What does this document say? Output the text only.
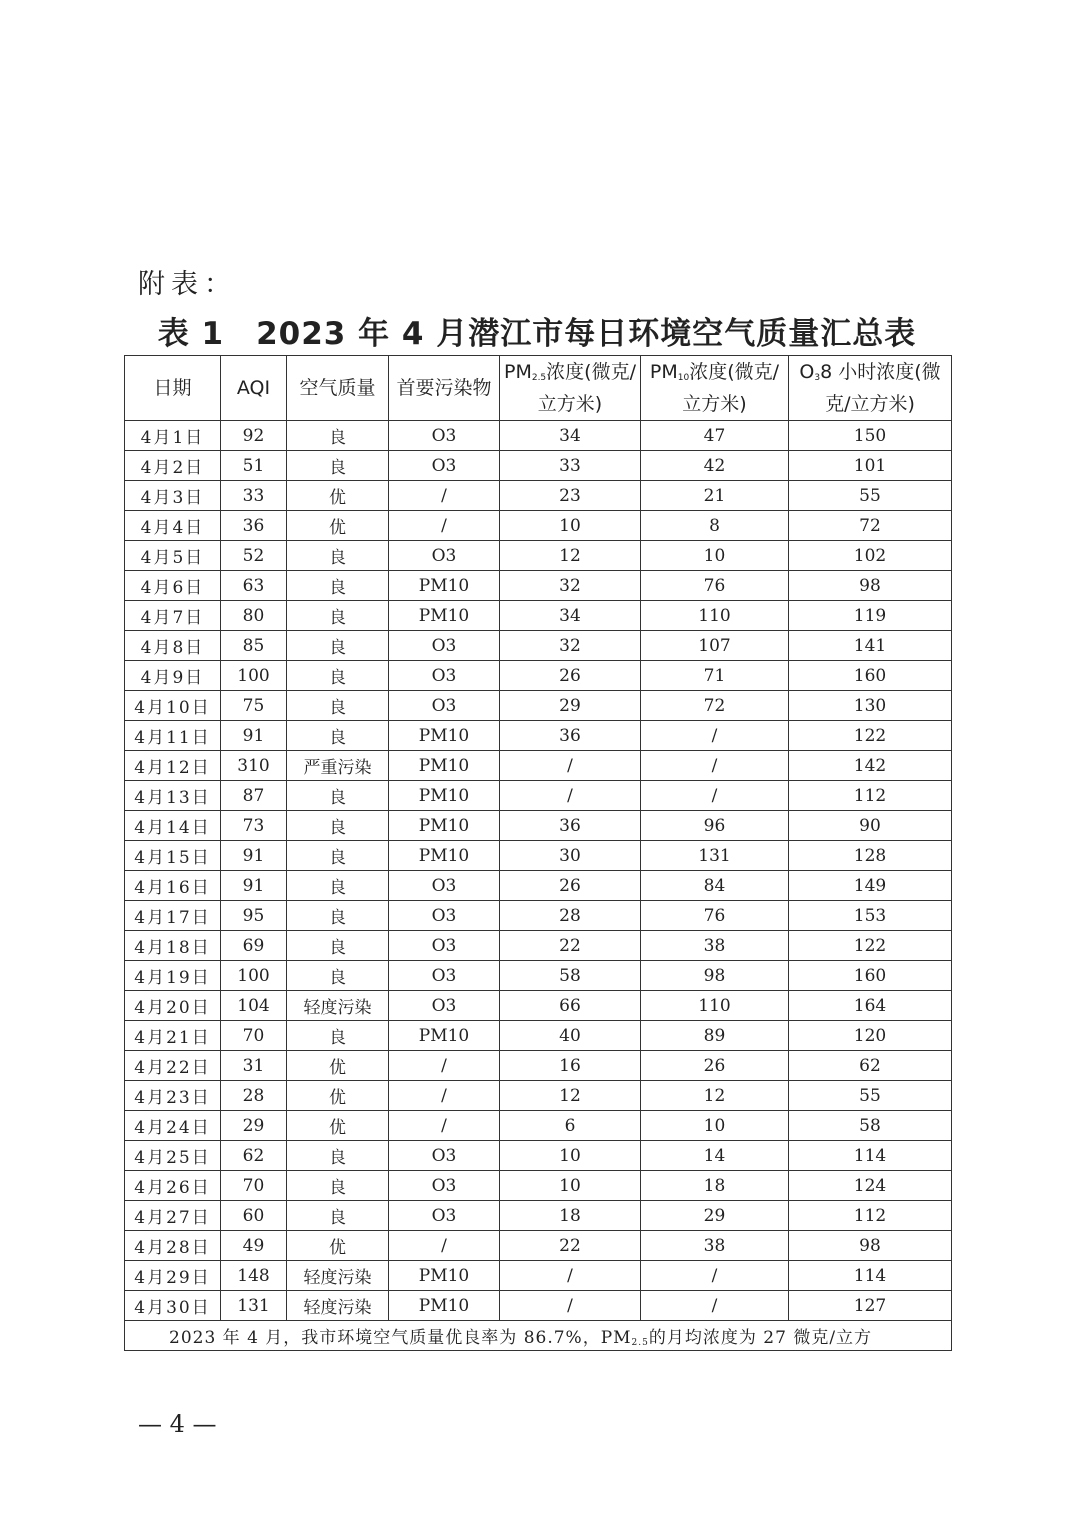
附表：
表 1　2023 年 4 月潜江市每日环境空气质量汇总表
日期	AQI	空气质量	首要污染物	$PM_{2.5}$浓度(微克/立方米)	$PM_{10}$浓度(微克/立方米)	$O_38$ 小时浓度(微克/立方米)
4月1日	92	良	O3	34	47	150
4月2日	51	良	O3	33	42	101
4月3日	33	优	/	23	21	55
4月4日	36	优	/	10	8	72
4月5日	52	良	O3	12	10	102
4月6日	63	良	PM10	32	76	98
4月7日	80	良	PM10	34	110	119
4月8日	85	良	O3	32	107	141
4月9日	100	良	O3	26	71	160
4月10日	75	良	O3	29	72	130
4月11日	91	良	PM10	36	/	122
4月12日	310	严重污染	PM10	/	/	142
4月13日	87	良	PM10	/	/	112
4月14日	73	良	PM10	36	96	90
4月15日	91	良	PM10	30	131	128
4月16日	91	良	O3	26	84	149
4月17日	95	良	O3	28	76	153
4月18日	69	良	O3	22	38	122
4月19日	100	良	O3	58	98	160
4月20日	104	轻度污染	O3	66	110	164
4月21日	70	良	PM10	40	89	120
4月22日	31	优	/	16	26	62
4月23日	28	优	/	12	12	55
4月24日	29	优	/	6	10	58
4月25日	62	良	O3	10	14	114
4月26日	70	良	O3	10	18	124
4月27日	60	良	O3	18	29	112
4月28日	49	优	/	22	38	98
4月29日	148	轻度污染	PM10	/	/	114
4月30日	131	轻度污染	PM10	/	/	127
2023 年 4 月，我市环境空气质量优良率为 86.7%，$PM_{2.5}$的月均浓度为 27 微克/立方						
— 4 —
